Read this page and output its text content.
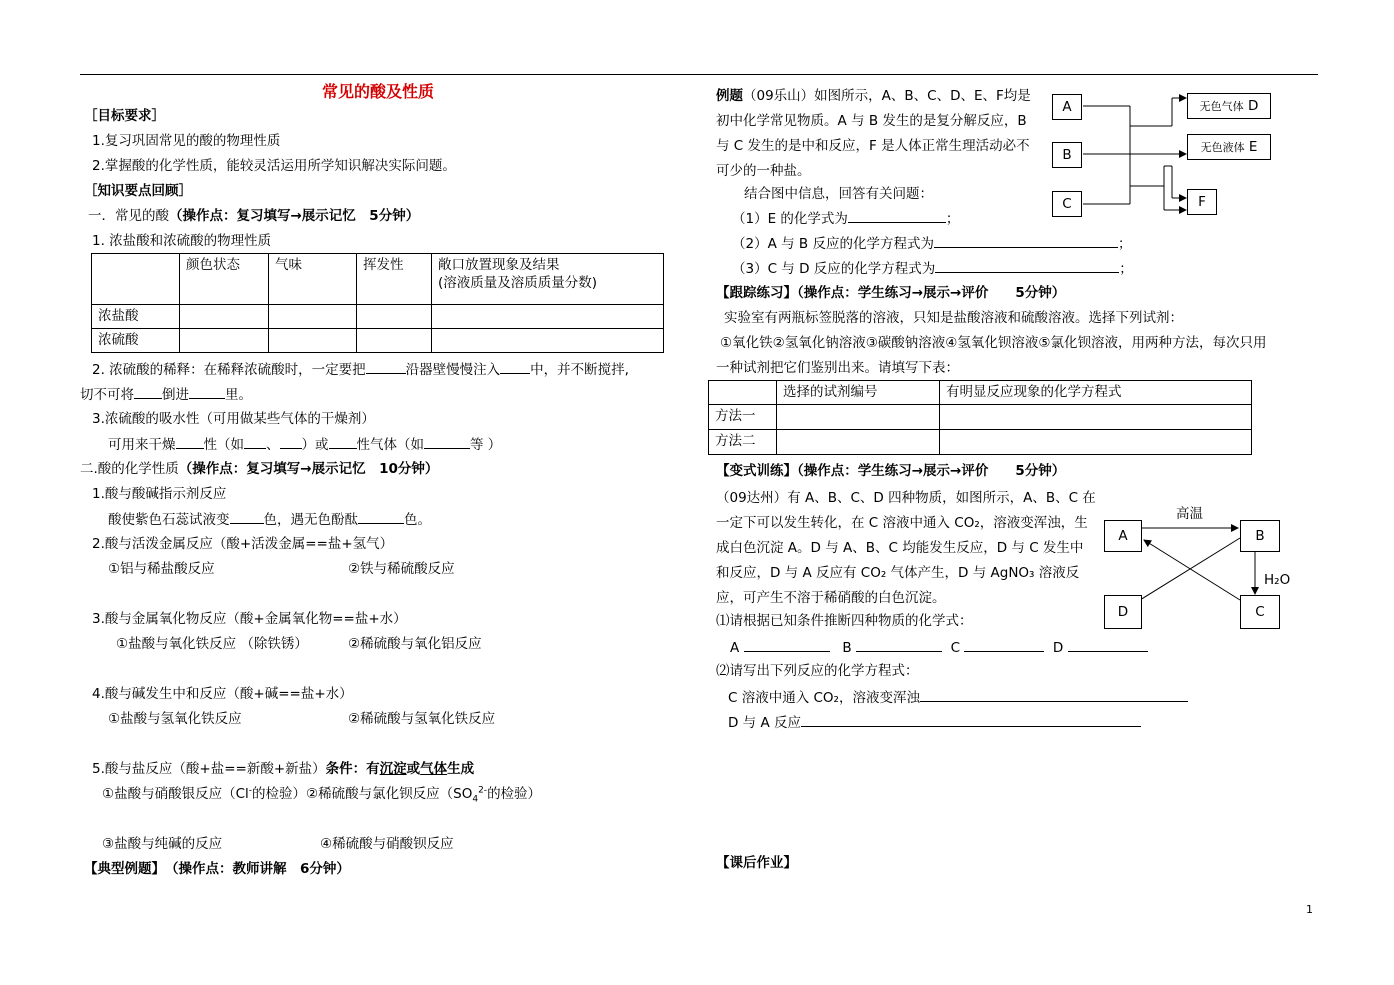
常见的酸及性质
［目标要求］
1.复习巩固常见的酸的物理性质
2.掌握酸的化学性质，能较灵活运用所学知识解决实际问题。
［知识要点回顾］
一．常见的酸（操作点：复习填写→展示记忆　5分钟）
1. 浓盐酸和浓硫酸的物理性质
	颜色状态	气味	挥发性	敞口放置现象及结果
(溶液质量及溶质质量分数)

浓盐酸				
浓硫酸				
2. 浓硫酸的稀释：在稀释浓硫酸时，一定要把	沿器壁慢慢注入 中，并不断搅拌,
切不可将 倒进	里。
3.浓硫酸的吸水性（可用做某些气体的干燥剂）
可用来干燥 性（如 、 ）或 性气体（如	等 ）
二.酸的化学性质（操作点：复习填写→展示记忆　10分钟）
1.酸与酸碱指示剂反应
酸使紫色石蕊试液变	色，遇无色酚酞	色。
2.酸与活泼金属反应（酸+活泼金属==盐+氢气）
①铝与稀盐酸反应	②铁与稀硫酸反应
3.酸与金属氧化物反应（酸+金属氧化物==盐+水）
①盐酸与氧化铁反应 （除铁锈）	②稀硫酸与氧化铝反应
4.酸与碱发生中和反应（酸+碱==盐+水）
①盐酸与氢氧化铁反应	②稀硫酸与氢氧化铁反应
5.酸与盐反应（酸+盐==新酸+新盐）条件：有沉淀或气体生成
①盐酸与硝酸银反应（Cl-的检验）②稀硫酸与氯化钡反应（$SO_4^{2-}$的检验）
③盐酸与纯碱的反应	④稀硫酸与硝酸钡反应
【典型例题】　（操作点：教师讲解　6分钟）
例题（09乐山）如图所示，A、B、C、D、E、F均是初中化学常见物质。A 与 B 发生的是复分解反应，B 与 C 发生的是中和反应，F 是人体正常生理活动必不可少的一种盐。
结合图中信息，回答有关问题：
（1）E 的化学式为	；
（2）A 与 B 反应的化学方程式为	；
（3）C 与 D 反应的化学方程式为	；
A
B
C
无色气体 D
无色液体 E
F
【跟踪练习】（操作点：学生练习→展示→评价　　5分钟）
实验室有两瓶标签脱落的溶液，只知是盐酸溶液和硫酸溶液。选择下列试剂：
①氧化铁②氢氧化钠溶液③碳酸钠溶液④氢氧化钡溶液⑤氯化钡溶液，用两种方法，每次只用
一种试剂把它们鉴别出来。请填写下表：
	选择的试剂编号	有明显反应现象的化学方程式
方法一		
方法二		
【变式训练】（操作点：学生练习→展示→评价　　5分钟）
（09达州）有 A、B、C、D 四种物质，如图所示，A、B、C 在一定下可以发生转化，在 C 溶液中通入 CO₂，溶液变浑浊，生成白色沉淀 A。D 与 A、B、C 均能发生反应，D 与 C 发生中和反应，D 与 A 反应有 CO₂ 气体产生，D 与 AgNO₃ 溶液反应，可产生不溶于稀硝酸的白色沉淀。
高温
H₂O
A	B
C
D
⑴请根据已知条件推断四种物质的化学式：
A	B	C	D
⑵请写出下列反应的化学方程式：
C 溶液中通入 CO₂，溶液变浑浊
D 与 A 反应
【课后作业】
1
